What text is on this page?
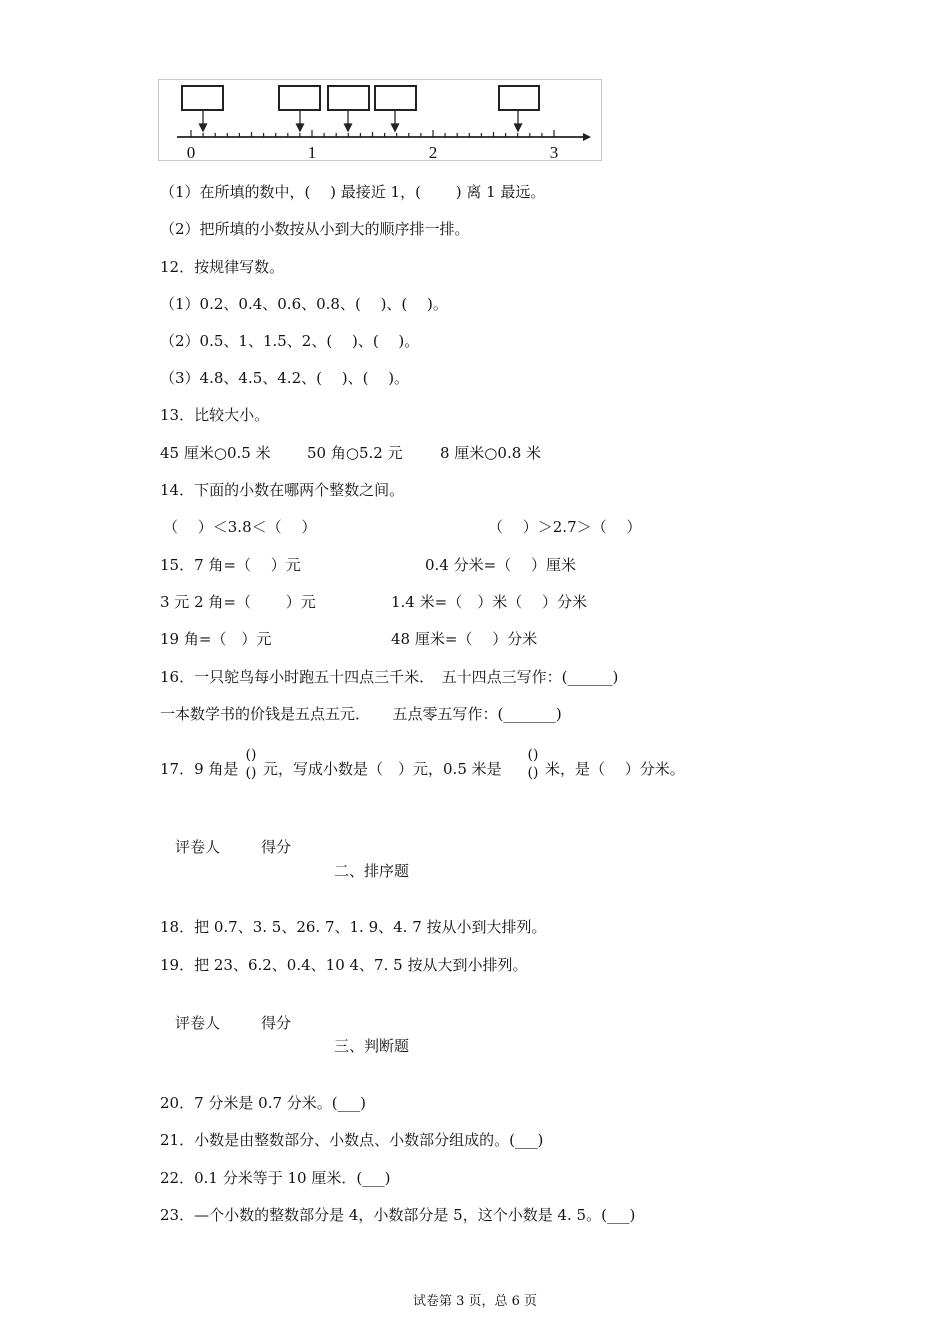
0	1	2	3
（1）在所填的数中，(　 ) 最接近 1，(　 　) 离 1 最远。
（2）把所填的小数按从小到大的顺序排一排。
12．按规律写数。
（1）0.2、0.4、0.6、0.8、(　 )、(　 )。
（2）0.5、1、1.5、2、(　 )、(　 )。
（3）4.8、4.5、4.2、(　 )、(　 )。
13．比较大小。
45 厘米○0.5 米 50 角○5.2 元 8 厘米○0.8 米
14．下面的小数在哪两个整数之间。
（　 ）＜3.8＜（　 ）	（　 ）＞2.7＞（　 ）
15．7 角=（　 ）元	0.4 分米=（　 ）厘米
3 元 2 角=（　 　）元	1.4 米=（　）米（　 ）分米
19 角=（　）元	48 厘米=（　 ）分米
16．一只鸵鸟每小时跑五十四点三千米．　五十四点三写作：(______)
一本数学书的价钱是五点五元．　　五点零五写作：(_______)
17．9 角是
()
() 元，写成小数是（　）元，0.5 米是
()
() 米，是（　 ）分米。
评卷人	得分
二、排序题
18．把 0.7、3. 5、26. 7、1. 9、4. 7 按从小到大排列。
19．把 23、6.2、0.4、10 4、7. 5 按从大到小排列。
评卷人	得分
三、判断题
20．7 分米是 0.7 分米。(___)
21．小数是由整数部分、小数点、小数部分组成的。(___)
22．0.1 分米等于 10 厘米．(___)
23．—个小数的整数部分是 4，小数部分是 5，这个小数是 4. 5。(___)
试卷第 3 页，总 6 页
